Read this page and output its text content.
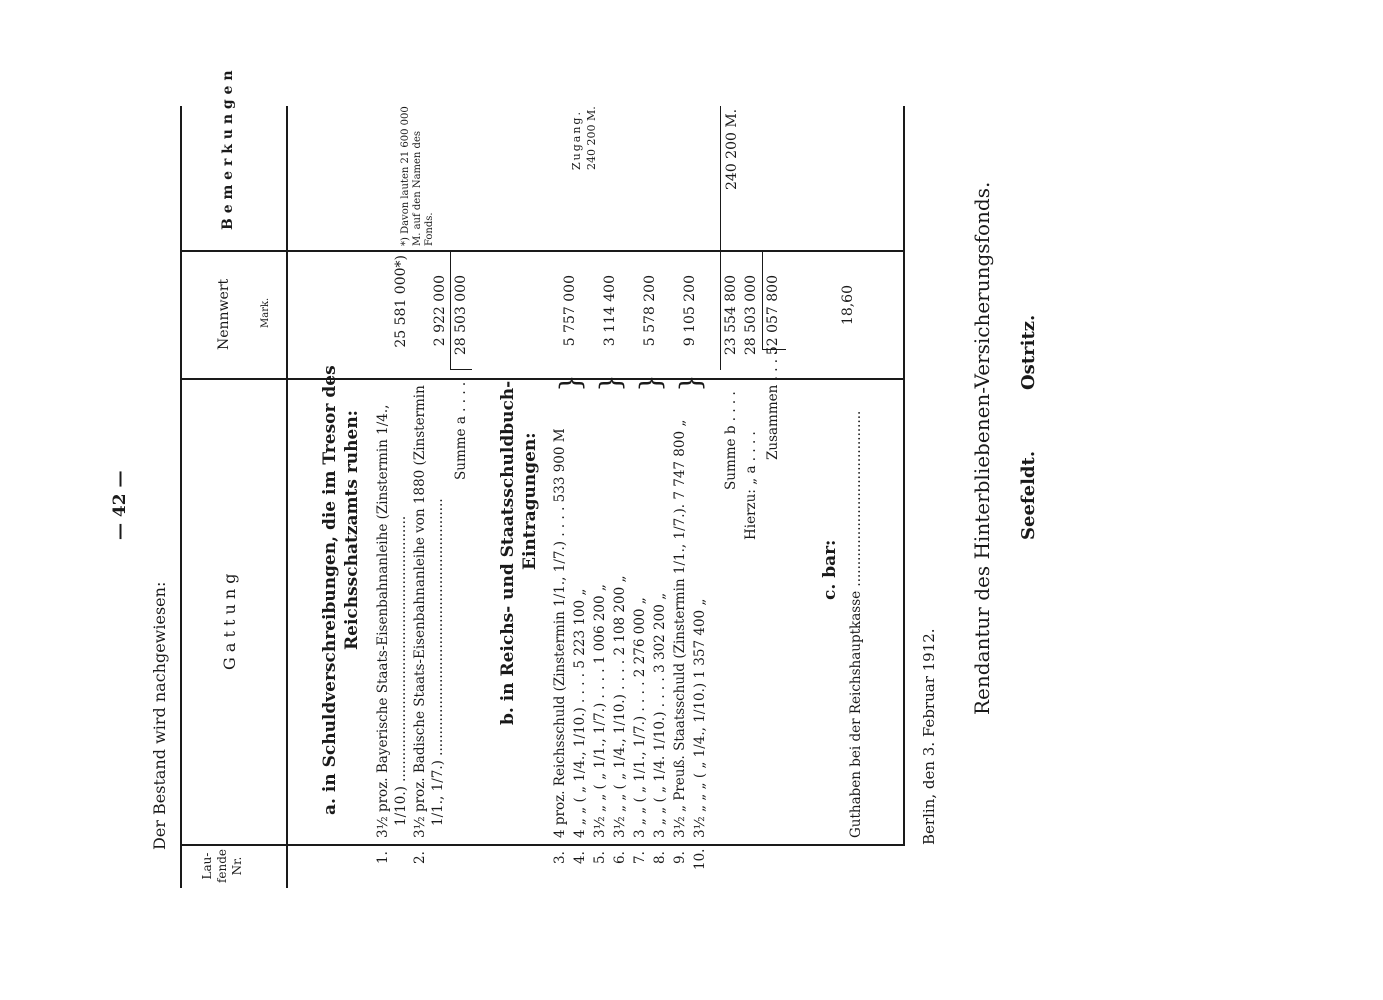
— 42 —
Der Bestand wird nachgewiesen:
Lau-fende Nr.
G a t t u n g
Nennwert	Mark.
B e m e r k u n g e n
a. in Schuldverschreibungen, die im Tresor des Reichsschatzamts ruhen:
1.
3½ proz. Bayerische Staats-Eisenbahnanleihe (Zinstermin 1/4., 1/10.) ..............................................................
25 581 000*)
2.
3½ proz. Badische Staats-Eisenbahnanleihe von 1880 (Zinstermin 1/1., 1/7.) ............................................................
2 922 000
Summe a . . . .
28 503 000
b. in Reichs- und Staatsschuldbuch- Eintragungen:
3.
4 proz. Reichsschuld (Zinstermin 1/1., 1/7.) . . . . 533 900 M
4.
4 „ „ ( „ 1/4., 1/10.) . . . . 5 223 100 „
5.
3½ „ „ ( „ 1/1., 1/7.) . . . . 1 006 200 „
6.
3½ „ „ ( „ 1/4., 1/10.) . . . . 2 108 200 „
7.
3 „ „ ( „ 1/1., 1/7.) . . . . 2 276 000 „
8.
3 „ „ ( „ 1/4. 1/10.) . . . . 3 302 200 „
9.
3½ „ Preuß. Staatsschuld (Zinstermin 1/1., 1/7.). 7 747 800 „
10.
3½ „ „ „ ( „ 1/4., 1/10.) 1 357 400 „
} } } }
5 757 000 3 114 400 5 578 200 9 105 200
Summe b . . . .
23 554 800
Hierzu: „ a . . . .
28 503 000
Zusammen . . . .
52 057 800
c. bar: Guthaben bei der Reichshauptkasse .........................................
18,60
*) Davon lauten 21 600 000 M. auf den Namen des Fonds.
Zugang. 240 200 M.	240 200 M.
Berlin, den 3. Februar 1912.
Rendantur des Hinterbliebenen-Versicherungsfonds. Seefeldt.
Ostritz.
